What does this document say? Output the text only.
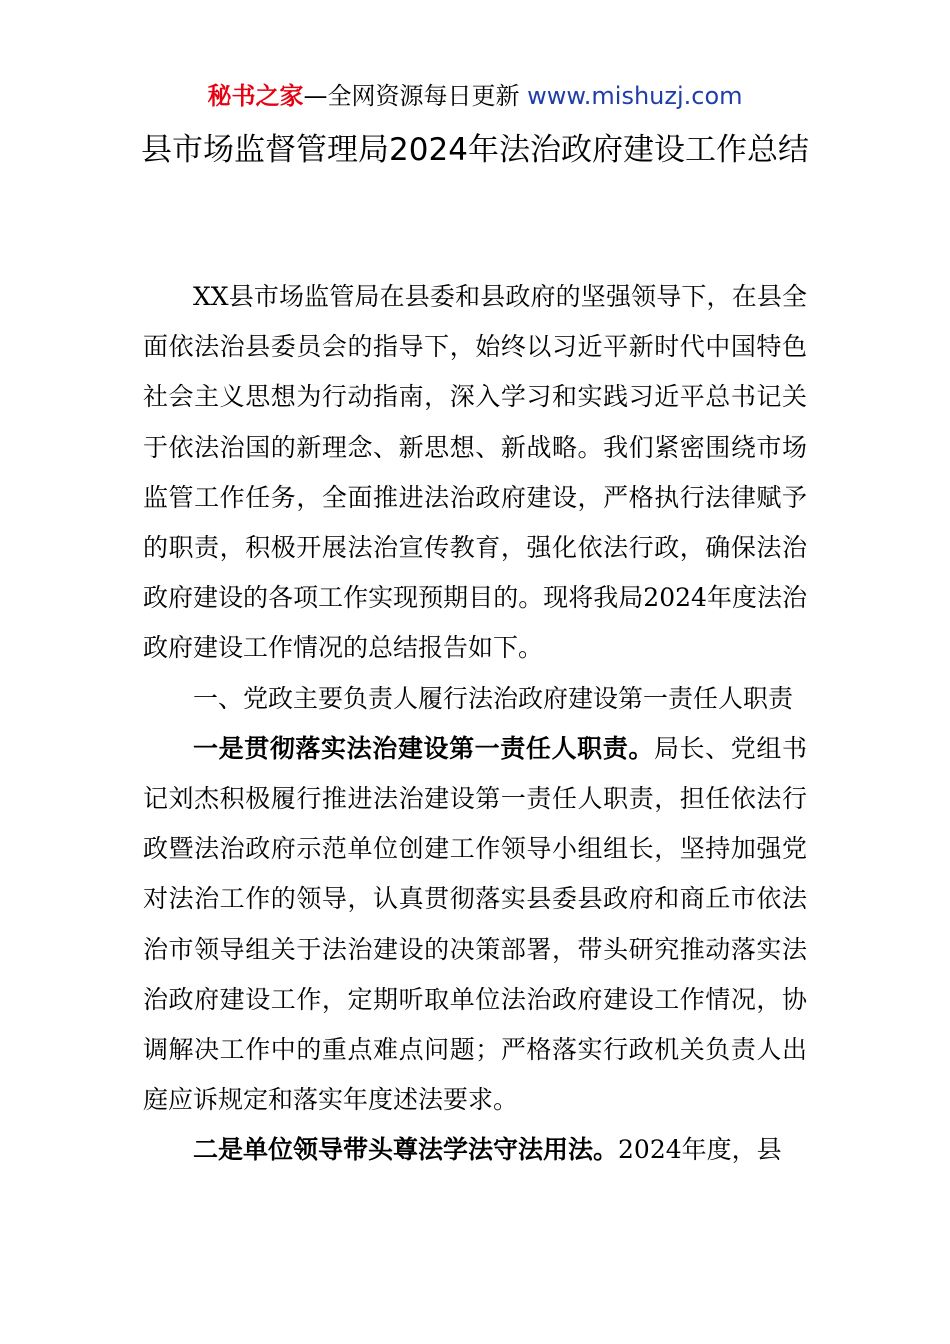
秘书之家—全网资源每日更新 www.mishuzj.com
县市场监督管理局2024年法治政府建设工作总结

XX县市场监管局在县委和县政府的坚强领导下，在县全面依法治县委员会的指导下，始终以习近平新时代中国特色社会主义思想为行动指南，深入学习和实践习近平总书记关于依法治国的新理念、新思想、新战略。我们紧密围绕市场监管工作任务，全面推进法治政府建设，严格执行法律赋予的职责，积极开展法治宣传教育，强化依法行政，确保法治政府建设的各项工作实现预期目的。现将我局2024年度法治政府建设工作情况的总结报告如下。

一、党政主要负责人履行法治政府建设第一责任人职责

一是贯彻落实法治建设第一责任人职责。局长、党组书记刘杰积极履行推进法治建设第一责任人职责，担任依法行政暨法治政府示范单位创建工作领导小组组长，坚持加强党对法治工作的领导，认真贯彻落实县委县政府和商丘市依法治市领导组关于法治建设的决策部署，带头研究推动落实法治政府建设工作，定期听取单位法治政府建设工作情况，协调解决工作中的重点难点问题；严格落实行政机关负责人出庭应诉规定和落实年度述法要求。

二是单位领导带头尊法学法守法用法。2024年度，县
